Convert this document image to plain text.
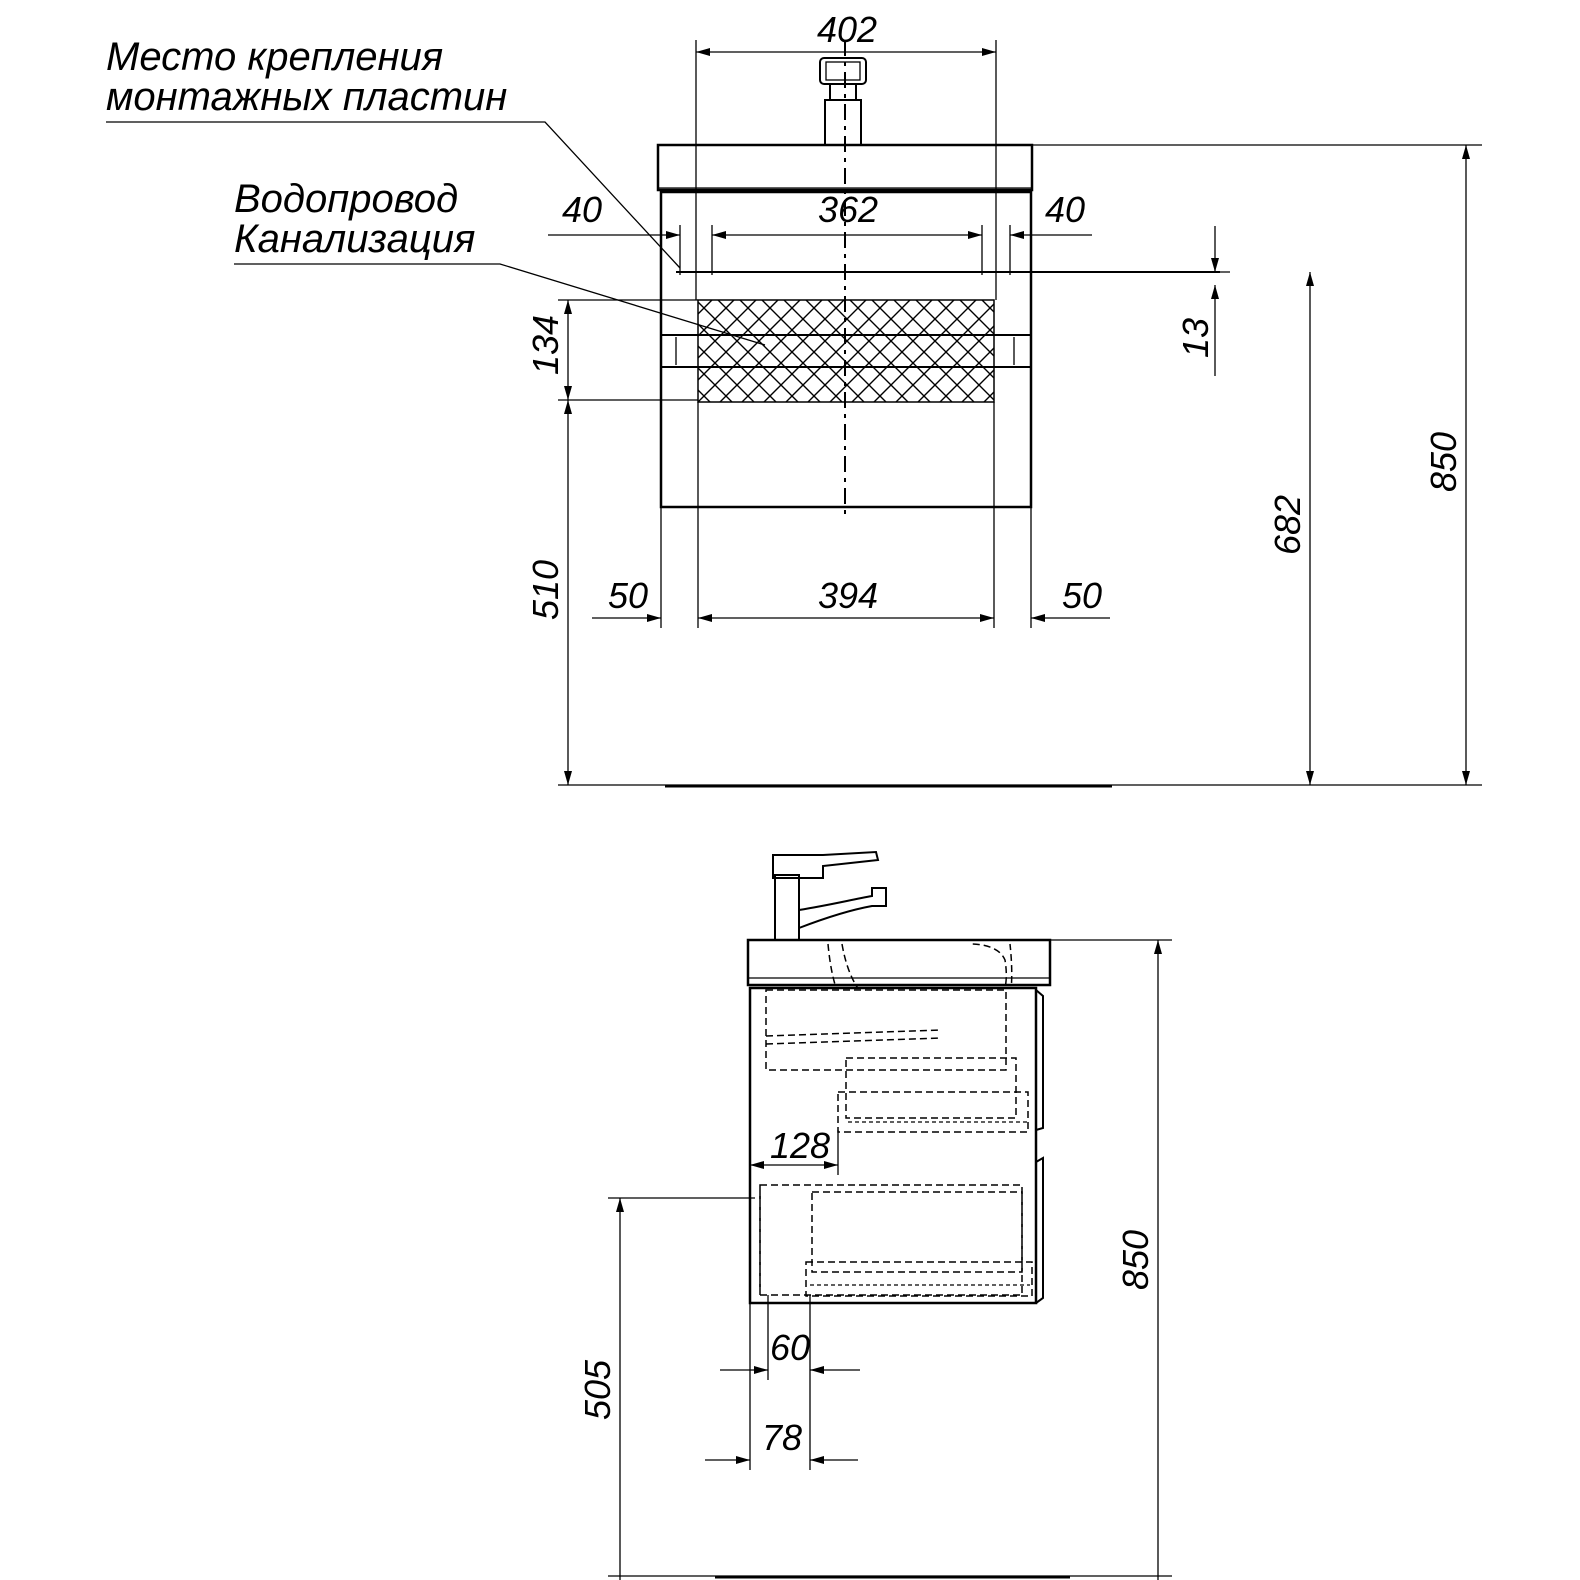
402
40	362	40
13
134
510
682
850
50	394	50
Место крепления
монтажных пластин
Водопровод
Канализация
128
505
60
78
850
